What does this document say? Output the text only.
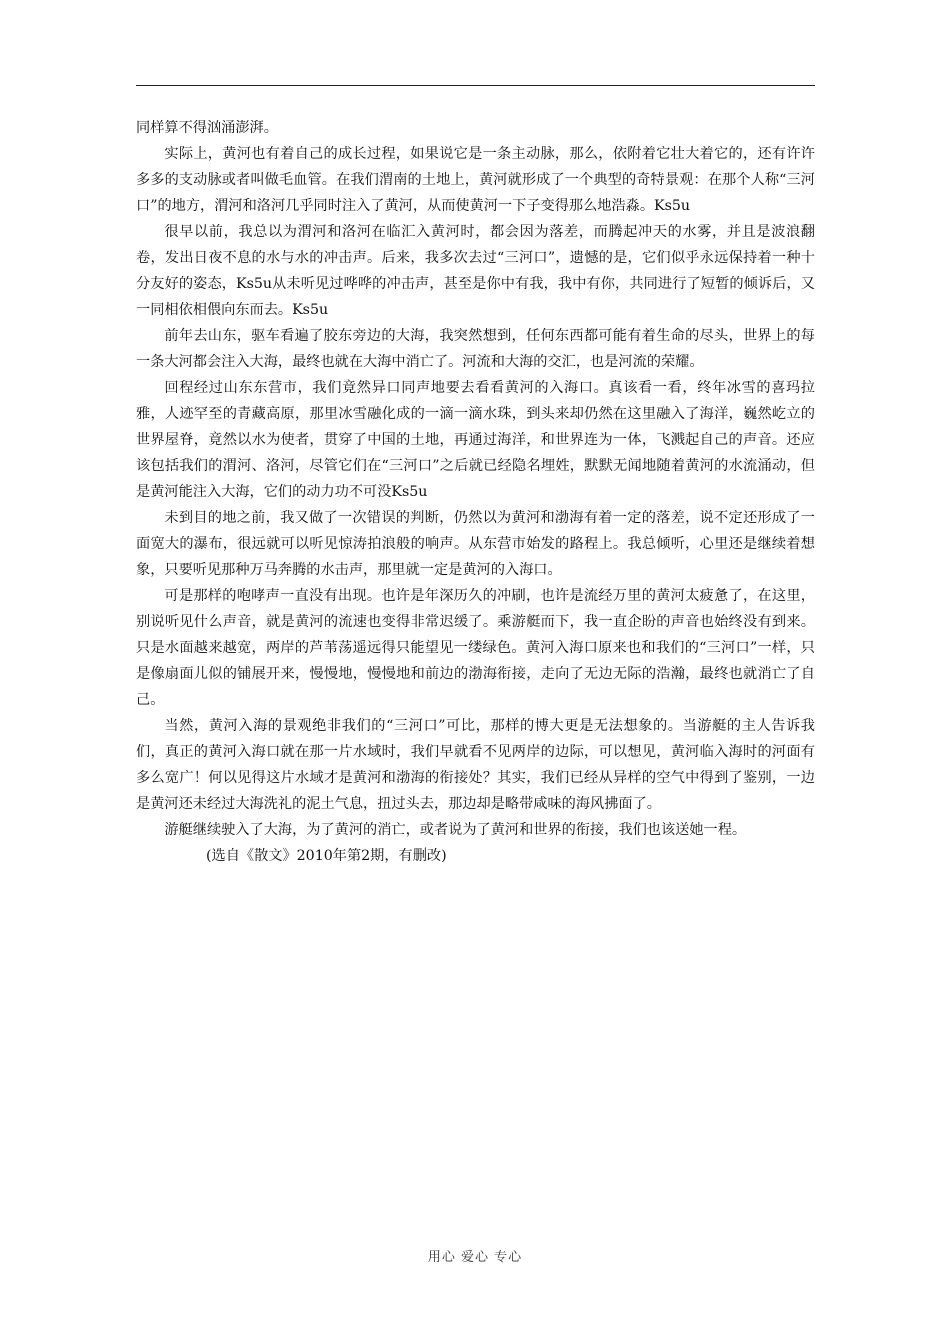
同样算不得汹涌澎湃。

实际上，黄河也有着自己的成长过程，如果说它是一条主动脉，那么，依附着它壮大着它的，还有许许多多的支动脉或者叫做毛血管。在我们渭南的土地上，黄河就形成了一个典型的奇特景观：在那个人称“三河口”的地方，渭河和洛河几乎同时注入了黄河，从而使黄河一下子变得那么地浩淼。Ks5u

很早以前，我总以为渭河和洛河在临汇入黄河时，都会因为落差，而腾起冲天的水雾，并且是波浪翻卷，发出日夜不息的水与水的冲击声。后来，我多次去过“三河口”，遗憾的是，它们似乎永远保持着一种十分友好的姿态，Ks5u从未听见过哗哗的冲击声，甚至是你中有我，我中有你，共同进行了短暂的倾诉后，又一同相依相偎向东而去。Ks5u

前年去山东，驱车看遍了胶东旁边的大海，我突然想到，任何东西都可能有着生命的尽头，世界上的每一条大河都会注入大海，最终也就在大海中消亡了。河流和大海的交汇，也是河流的荣耀。

回程经过山东东营市，我们竟然异口同声地要去看看黄河的入海口。真该看一看，终年冰雪的喜玛拉雅，人迹罕至的青藏高原，那里冰雪融化成的一滴一滴水珠，到头来却仍然在这里融入了海洋，巍然屹立的世界屋脊，竟然以水为使者，贯穿了中国的土地，再通过海洋，和世界连为一体，飞溅起自己的声音。还应该包括我们的渭河、洛河，尽管它们在“三河口”之后就已经隐名埋姓，默默无闻地随着黄河的水流涌动，但是黄河能注入大海，它们的动力功不可没Ks5u

未到目的地之前，我又做了一次错误的判断，仍然以为黄河和渤海有着一定的落差，说不定还形成了一面宽大的瀑布，很远就可以听见惊涛拍浪般的响声。从东营市始发的路程上。我总倾听，心里还是继续着想象，只要听见那种万马奔腾的水击声，那里就一定是黄河的入海口。

可是那样的咆哮声一直没有出现。也许是年深历久的冲刷，也许是流经万里的黄河太疲惫了，在这里，别说听见什么声音，就是黄河的流速也变得非常迟缓了。乘游艇而下，我一直企盼的声音也始终没有到来。只是水面越来越宽，两岸的芦苇荡遥远得只能望见一缕绿色。黄河入海口原来也和我们的“三河口”一样，只是像扇面儿似的铺展开来，慢慢地，慢慢地和前边的渤海衔接，走向了无边无际的浩瀚，最终也就消亡了自己。

当然，黄河入海的景观绝非我们的“三河口”可比，那样的博大更是无法想象的。当游艇的主人告诉我们，真正的黄河入海口就在那一片水域时，我们早就看不见两岸的边际，可以想见，黄河临入海时的河面有多么宽广！何以见得这片水域才是黄河和渤海的衔接处？其实，我们已经从异样的空气中得到了鉴别，一边是黄河还未经过大海洗礼的泥土气息，扭过头去，那边却是略带咸味的海风拂面了。

游艇继续驶入了大海，为了黄河的消亡，或者说为了黄河和世界的衔接，我们也该送她一程。

(选自《散文》2010年第2期，有删改)

用心 爱心 专心
